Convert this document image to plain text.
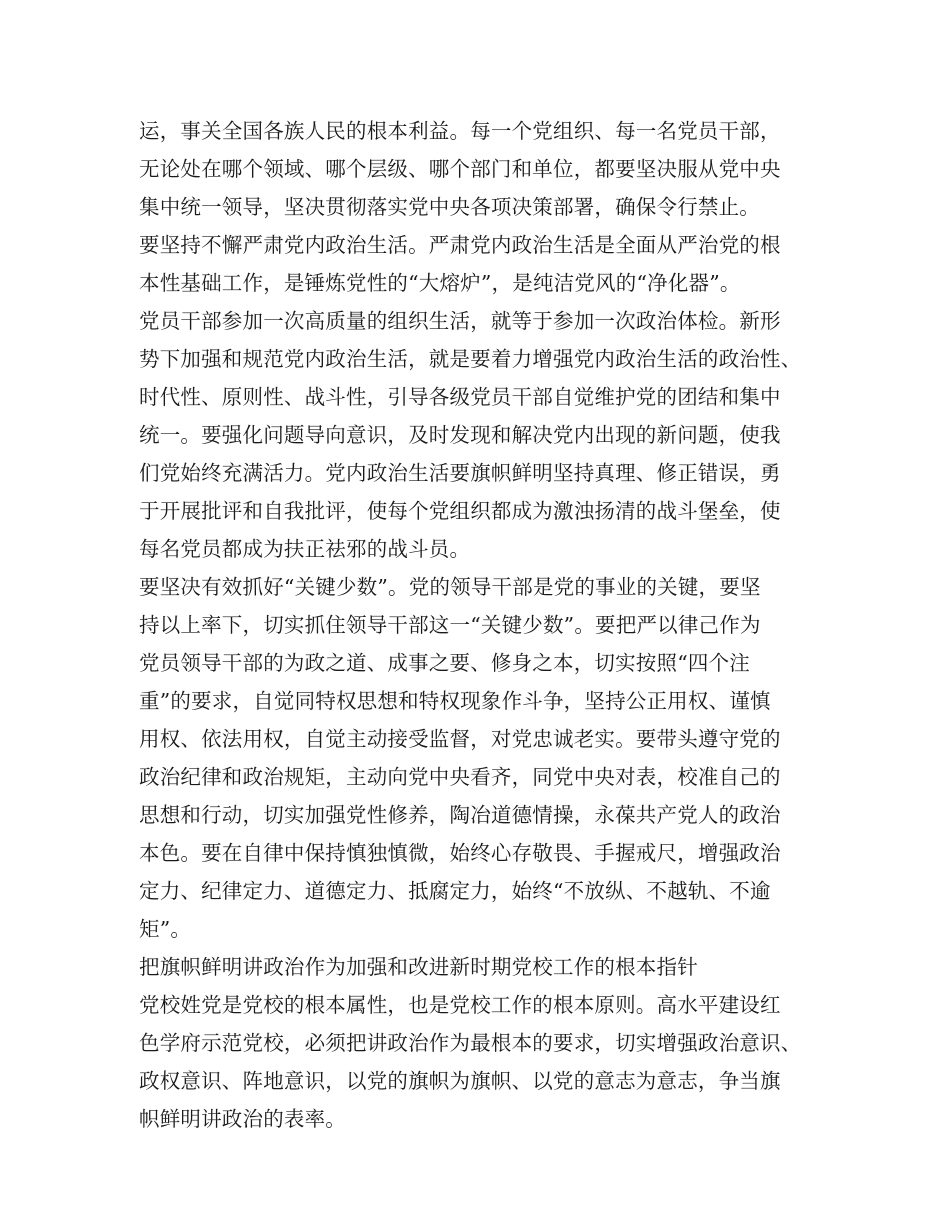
运，事关全国各族人民的根本利益。每一个党组织、每一名党员干部，
无论处在哪个领域、哪个层级、哪个部门和单位，都要坚决服从党中央
集中统一领导，坚决贯彻落实党中央各项决策部署，确保令行禁止。
要坚持不懈严肃党内政治生活。严肃党内政治生活是全面从严治党的根
本性基础工作，是锤炼党性的“大熔炉”，是纯洁党风的“净化器”。
党员干部参加一次高质量的组织生活，就等于参加一次政治体检。新形
势下加强和规范党内政治生活，就是要着力增强党内政治生活的政治性、
时代性、原则性、战斗性，引导各级党员干部自觉维护党的团结和集中
统一。要强化问题导向意识，及时发现和解决党内出现的新问题，使我
们党始终充满活力。党内政治生活要旗帜鲜明坚持真理、修正错误，勇
于开展批评和自我批评，使每个党组织都成为激浊扬清的战斗堡垒，使
每名党员都成为扶正祛邪的战斗员。
要坚决有效抓好“关键少数”。党的领导干部是党的事业的关键，要坚
持以上率下，切实抓住领导干部这一“关键少数”。要把严以律己作为
党员领导干部的为政之道、成事之要、修身之本，切实按照“四个注
重”的要求，自觉同特权思想和特权现象作斗争，坚持公正用权、谨慎
用权、依法用权，自觉主动接受监督，对党忠诚老实。要带头遵守党的
政治纪律和政治规矩，主动向党中央看齐，同党中央对表，校准自己的
思想和行动，切实加强党性修养，陶冶道德情操，永葆共产党人的政治
本色。要在自律中保持慎独慎微，始终心存敬畏、手握戒尺，增强政治
定力、纪律定力、道德定力、抵腐定力，始终“不放纵、不越轨、不逾
矩”。
把旗帜鲜明讲政治作为加强和改进新时期党校工作的根本指针
党校姓党是党校的根本属性，也是党校工作的根本原则。高水平建设红
色学府示范党校，必须把讲政治作为最根本的要求，切实增强政治意识、
政权意识、阵地意识，以党的旗帜为旗帜、以党的意志为意志，争当旗
帜鲜明讲政治的表率。
